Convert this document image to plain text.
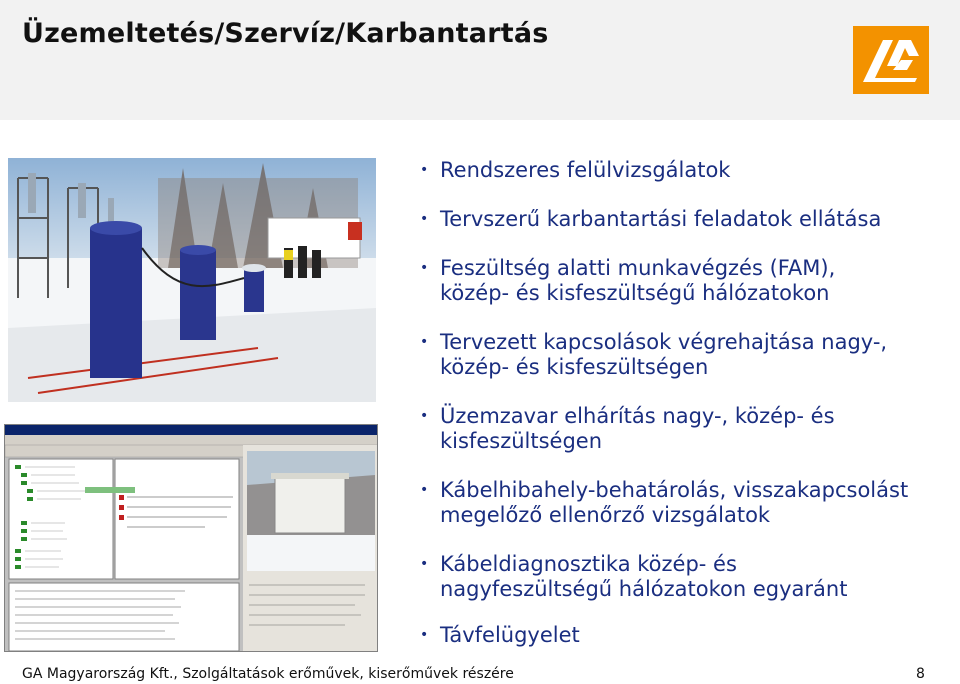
Üzemeltetés/Szervíz/Karbantartás
• Rendszeres felülvizsgálatok
• Tervszerű karbantartási feladatok ellátása
• Feszültség alatti munkavégzés (FAM),
közép- és kisfeszültségű hálózatokon
• Tervezett kapcsolások végrehajtása nagy-,
közép- és kisfeszültségen
• Üzemzavar elhárítás nagy-, közép- és
kisfeszültségen
• Kábelhibahely-behatárolás, visszakapcsolást
megelőző ellenőrző vizsgálatok
• Kábeldiagnosztika közép- és
nagyfeszültségű hálózatokon egyaránt
• Távfelügyelet
GA Magyarország Kft., Szolgáltatások erőművek, kiserőművek részére	8
